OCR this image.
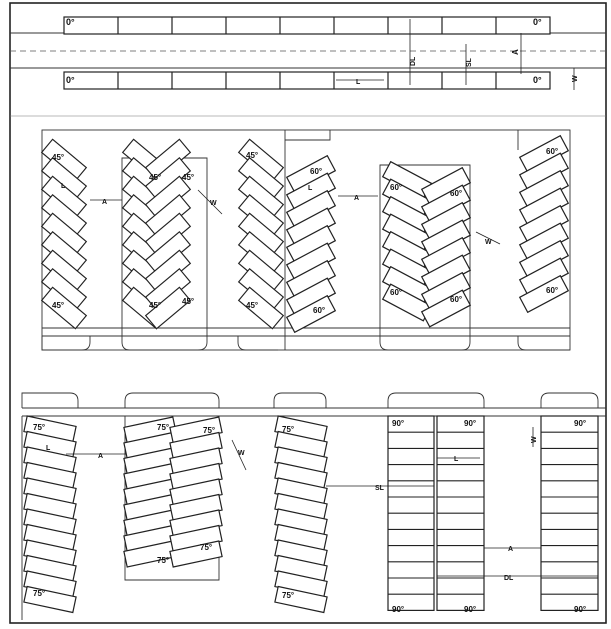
0°	0°
0°	0°
DL	SL
A
L
W
45°
45°	45°
45°
45°	45°	45°	45°
60°
60°
60°
60°
60°
60°
60°
60°
A
L
W
A
L
W
75°	75°	75°	75°
75°
75°
75°
75°
90°	90°	90°
90°	90°	90°
A
L
W
SL
L
W
A
DL
